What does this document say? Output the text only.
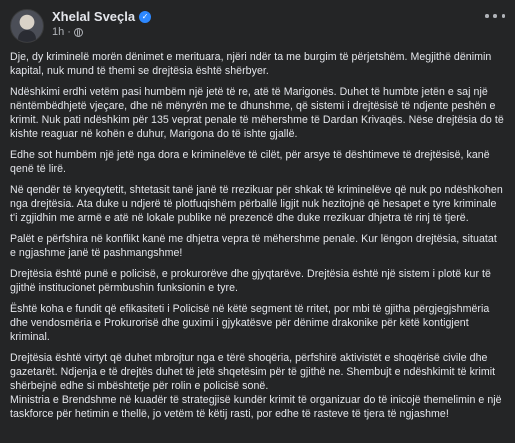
Xhelal Sveçla ✓
1h ·

Dje, dy kriminelë morën dënimet e merituara, njëri ndër ta me burgim të përjetshëm. Megjithë dënimin kapital, nuk mund të themi se drejtësia është shërbyer.

Ndëshkimi erdhi vetëm pasi humbëm një jetë të re, atë të Marigonës. Duhet të humbte jetën e saj një nëntëmbëdhjetë vjeçare, dhe në mënyrën me te dhunshme, që sistemi i drejtësisë të ndjente peshën e krimit. Nuk pati ndëshkim për 135 veprat penale të mëhershme të Dardan Krivaqës. Nëse drejtësia do të kishte reaguar në kohën e duhur, Marigona do të ishte gjallë.

Edhe sot humbëm një jetë nga dora e kriminelëve të cilët, për arsye të dështimeve të drejtësisë, kanë qenë të lirë.

Në qendër të kryeqytetit, shtetasit tanë janë të rrezikuar për shkak të kriminelëve që nuk po ndëshkohen nga drejtësia. Ata duke u ndjerë të plotfuqishëm përballë ligjit nuk hezitojnë që hesapet e tyre kriminale t'i zgjidhin me armë e atë në lokale publike në prezencë dhe duke rrezikuar dhjetra të rinj të tjerë.

Palët e përfshira në konflikt kanë me dhjetra vepra të mëhershme penale. Kur lëngon drejtësia, situatat e ngjashme janë të pashmangshme!

Drejtësia është punë e policisë, e prokurorëve dhe gjyqtarëve. Drejtësia është një sistem i plotë kur të gjithë institucionet përmbushin funksionin e tyre.

Është koha e fundit që efikasiteti i Policisë në këtë segment të rritet, por mbi të gjitha përgjegjshmëria dhe vendosmëria e Prokurorisë dhe guximi i gjykatësve për dënime drakonike për këtë kontigjent kriminal.

Drejtësia është virtyt që duhet mbrojtur nga e tërë shoqëria, përfshirë aktivistët e shoqërisë civile dhe gazetarët. Ndjenja e të drejtës duhet të jetë shqetësim për të gjithë ne. Shembujt e ndëshkimit të krimit shërbejnë edhe si mbështetje për rolin e policisë sonë.
Ministria e Brendshme në kuadër të strategjisë kundër krimit të organizuar do të inicojë themelimin e një taskforce për hetimin e thellë, jo vetëm të këtij rasti, por edhe të rasteve të tjera të ngjashme!
